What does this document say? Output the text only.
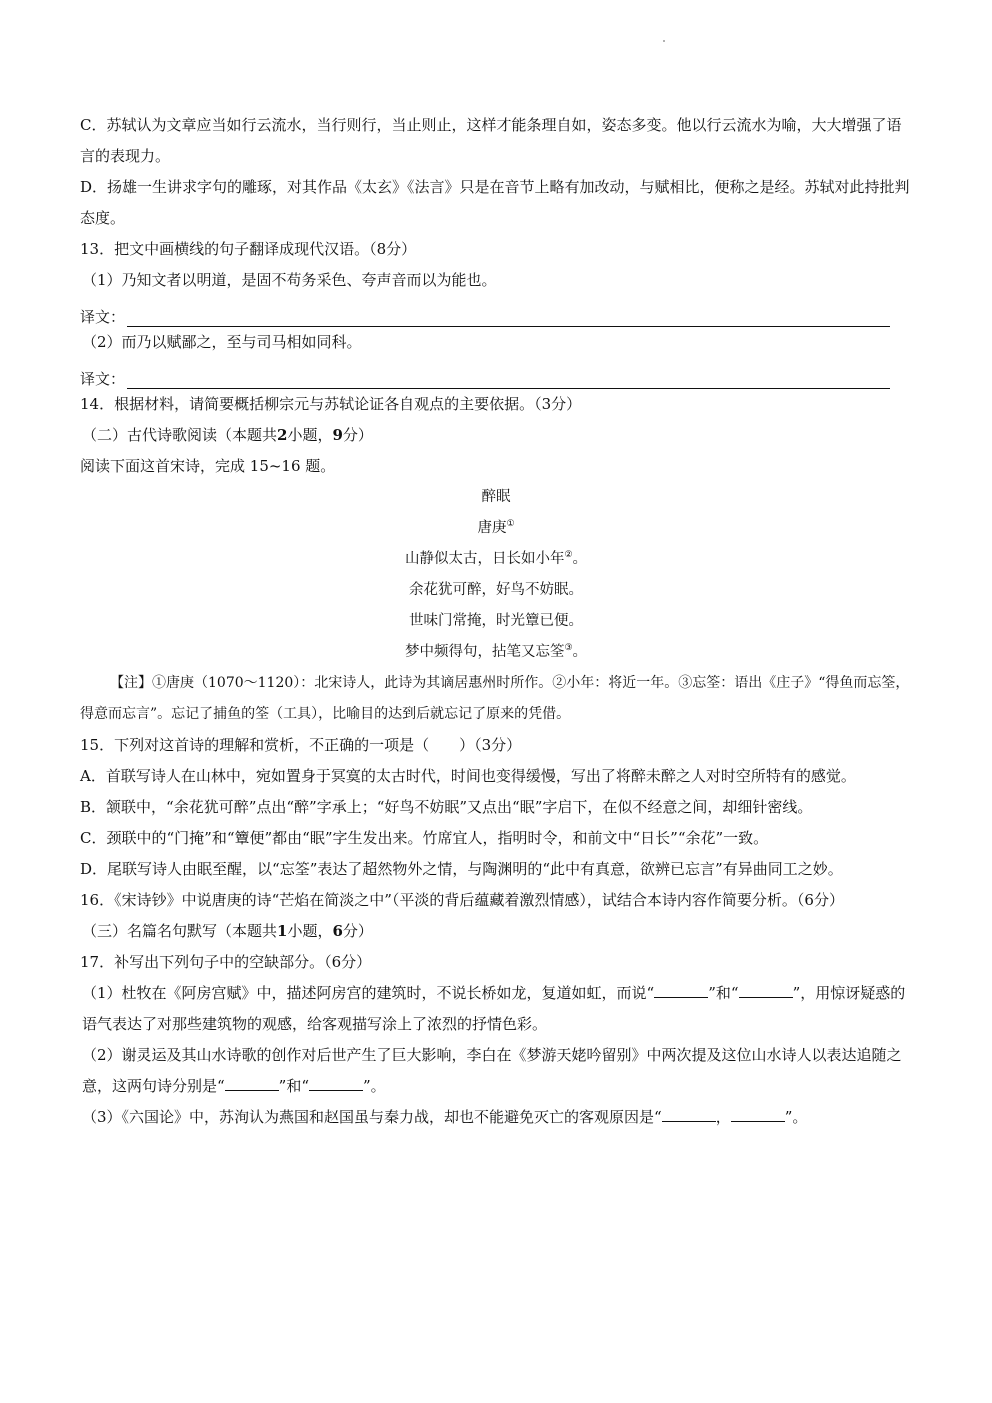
C．苏轼认为文章应当如行云流水，当行则行，当止则止，这样才能条理自如，姿态多变。他以行云流水为喻，大大增强了语言的表现力。

D．扬雄一生讲求字句的雕琢，对其作品《太玄》《法言》只是在音节上略有加改动，与赋相比，便称之是经。苏轼对此持批判态度。

13．把文中画横线的句子翻译成现代汉语。（8分）

（1）乃知文者以明道，是固不苟务采色、夸声音而以为能也。

译文：

（2）而乃以赋鄙之，至与司马相如同科。

译文：

14．根据材料，请简要概括柳宗元与苏轼论证各自观点的主要依据。（3分）

（二）古代诗歌阅读（本题共2小题，9分）

阅读下面这首宋诗，完成 15~16 题。

醉眠

唐庚①

山静似太古，日长如小年②。

余花犹可醉，好鸟不妨眠。

世味门常掩，时光簟已便。

梦中频得句，拈笔又忘筌③。

【注】①唐庚（1070～1120）：北宋诗人，此诗为其谪居惠州时所作。②小年：将近一年。③忘筌：语出《庄子》“得鱼而忘筌，得意而忘言”。忘记了捕鱼的筌（工具），比喻目的达到后就忘记了原来的凭借。

15．下列对这首诗的理解和赏析，不正确的一项是（　　）（3分）

A．首联写诗人在山林中，宛如置身于冥寞的太古时代，时间也变得缓慢，写出了将醉未醉之人对时空所特有的感觉。

B．颔联中，“余花犹可醉”点出“醉”字承上；“好鸟不妨眠”又点出“眠”字启下，在似不经意之间，却细针密线。

C．颈联中的“门掩”和“簟便”都由“眠”字生发出来。竹席宜人，指明时令，和前文中“日长”“余花”一致。

D．尾联写诗人由眠至醒，以“忘筌”表达了超然物外之情，与陶渊明的“此中有真意，欲辨已忘言”有异曲同工之妙。

16．《宋诗钞》中说唐庚的诗“芒焰在简淡之中”（平淡的背后蕴藏着激烈情感），试结合本诗内容作简要分析。（6分）

（三）名篇名句默写（本题共1小题，6分）

17．补写出下列句子中的空缺部分。（6分）

（1）杜牧在《阿房宫赋》中，描述阿房宫的建筑时，不说长桥如龙，复道如虹，而说“	”和“	”，用惊讶疑惑的语气表达了对那些建筑物的观感，给客观描写涂上了浓烈的抒情色彩。

（2）谢灵运及其山水诗歌的创作对后世产生了巨大影响，李白在《梦游天姥吟留别》中两次提及这位山水诗人以表达追随之意，这两句诗分别是“	”和“	”。

（3）《六国论》中，苏洵认为燕国和赵国虽与秦力战，却也不能避免灭亡的客观原因是“	，	”。
